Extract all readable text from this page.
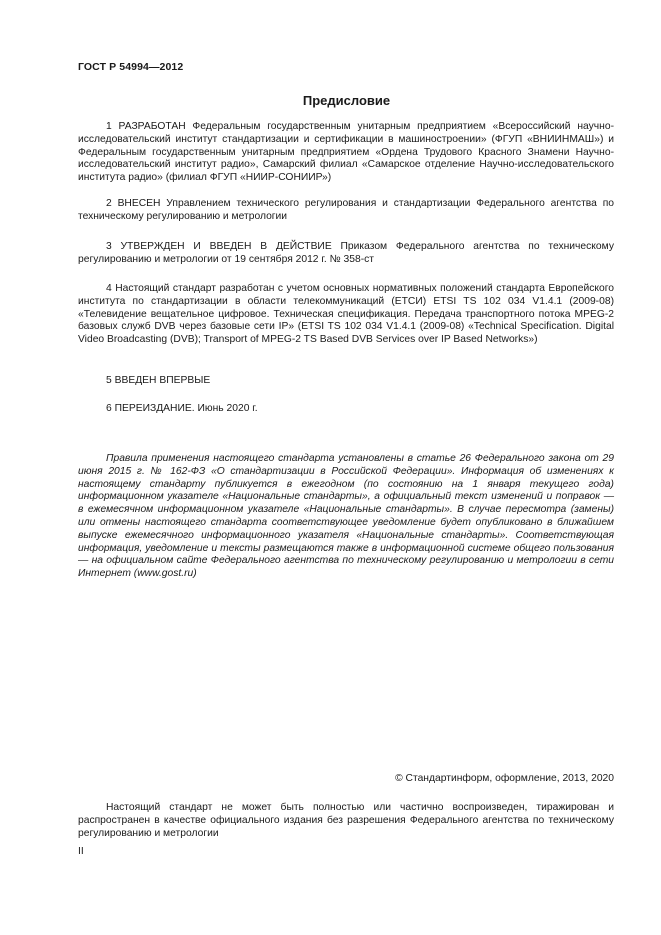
ГОСТ Р 54994—2012
Предисловие
1 РАЗРАБОТАН Федеральным государственным унитарным предприятием «Всероссийский научно-исследовательский институт стандартизации и сертификации в машиностроении» (ФГУП «ВНИИНМАШ») и Федеральным государственным унитарным предприятием «Ордена Трудового Красного Знамени Научно-исследовательский институт радио», Самарский филиал «Самарское отделение Научно-исследовательского института радио» (филиал ФГУП «НИИР-СОНИИР»)
2 ВНЕСЕН Управлением технического регулирования и стандартизации Федерального агентства по техническому регулированию и метрологии
3 УТВЕРЖДЕН И ВВЕДЕН В ДЕЙСТВИЕ Приказом Федерального агентства по техническому регулированию и метрологии от 19 сентября 2012 г. № 358-ст
4 Настоящий стандарт разработан с учетом основных нормативных положений стандарта Европейского института по стандартизации в области телекоммуникаций (ЕТСИ) ETSI TS 102 034 V1.4.1 (2009-08) «Телевидение вещательное цифровое. Техническая спецификация. Передача транспортного потока MPEG-2 базовых служб DVB через базовые сети IP» (ETSI TS 102 034 V1.4.1 (2009-08) «Technical Specification. Digital Video Broadcasting (DVB); Transport of MPEG-2 TS Based DVB Services over IP Based Networks»)
5 ВВЕДЕН ВПЕРВЫЕ
6 ПЕРЕИЗДАНИЕ. Июнь 2020 г.
Правила применения настоящего стандарта установлены в статье 26 Федерального закона от 29 июня 2015 г. № 162-ФЗ «О стандартизации в Российской Федерации». Информация об изменениях к настоящему стандарту публикуется в ежегодном (по состоянию на 1 января текущего года) информационном указателе «Национальные стандарты», а официальный текст изменений и поправок — в ежемесячном информационном указателе «Национальные стандарты». В случае пересмотра (замены) или отмены настоящего стандарта соответствующее уведомление будет опубликовано в ближайшем выпуске ежемесячного информационного указателя «Национальные стандарты». Соответствующая информация, уведомление и тексты размещаются также в информационной системе общего пользования — на официальном сайте Федерального агентства по техническому регулированию и метрологии в сети Интернет (www.gost.ru)
© Стандартинформ, оформление, 2013, 2020
Настоящий стандарт не может быть полностью или частично воспроизведен, тиражирован и распространен в качестве официального издания без разрешения Федерального агентства по техническому регулированию и метрологии
II
